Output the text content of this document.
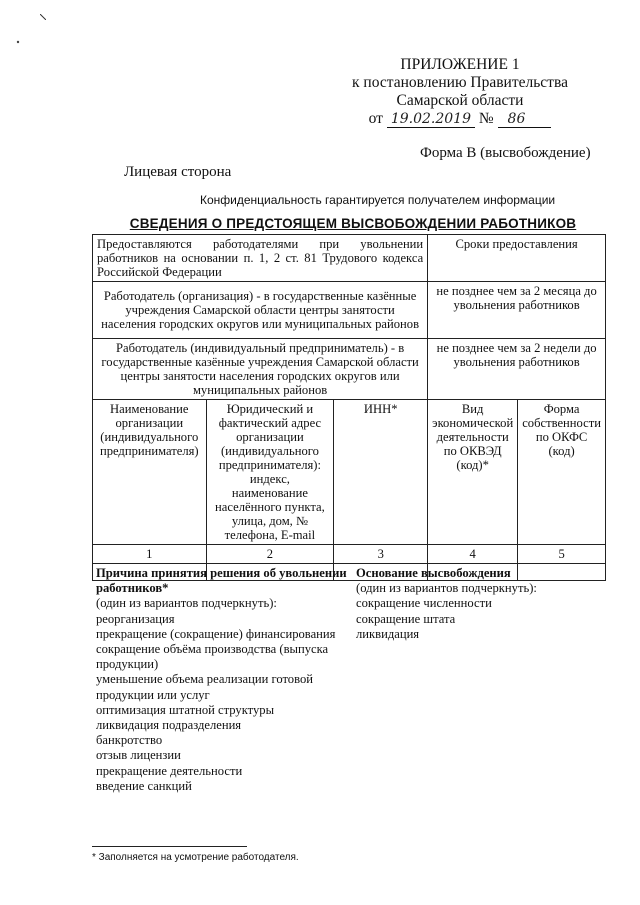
ПРИЛОЖЕНИЕ 1
к постановлению Правительства
Самарской области
от 19.02.2019 № 86
Форма В (высвобождение)
Лицевая сторона
Конфиденциальность гарантируется получателем информации
СВЕДЕНИЯ О ПРЕДСТОЯЩЕМ ВЫСВОБОЖДЕНИИ РАБОТНИКОВ
Предоставляются работодателями при увольнении работников на основании п. 1, 2 ст. 81 Трудового кодекса Российской Федерации			Сроки предоставления	
Работодатель (организация) - в государственные казённые учреждения Самарской области центры занятости населения городских округов или муниципальных районов			не позднее чем за 2 месяца до увольнения работников	
Работодатель (индивидуальный предприниматель) - в государственные казённые учреждения Самарской области центры занятости населения городских округов или муниципальных районов			не позднее чем за 2 недели до увольнения работников	
Наименование организации (индивидуального предпринимателя)	Юридический и фактический адрес организации (индивидуального предпринимателя): индекс, наименование населённого пункта, улица, дом, № телефона, E-mail	ИНН*	Вид экономической деятельности по ОКВЭД (код)*	Форма собственности по ОКФС (код)
1	2	3	4	5

Причина принятия решения об увольнении работников*
(один из вариантов подчеркнуть):
реорганизация
прекращение (сокращение) финансирования
сокращение объёма производства (выпуска продукции)
уменьшение объема реализации готовой продукции или услуг
оптимизация штатной структуры
ликвидация подразделения
банкротство
отзыв лицензии
прекращение деятельности
введение санкций
Основание высвобождения
(один из вариантов подчеркнуть):
сокращение численности
сокращение штата
ликвидация
* Заполняется на усмотрение работодателя.
